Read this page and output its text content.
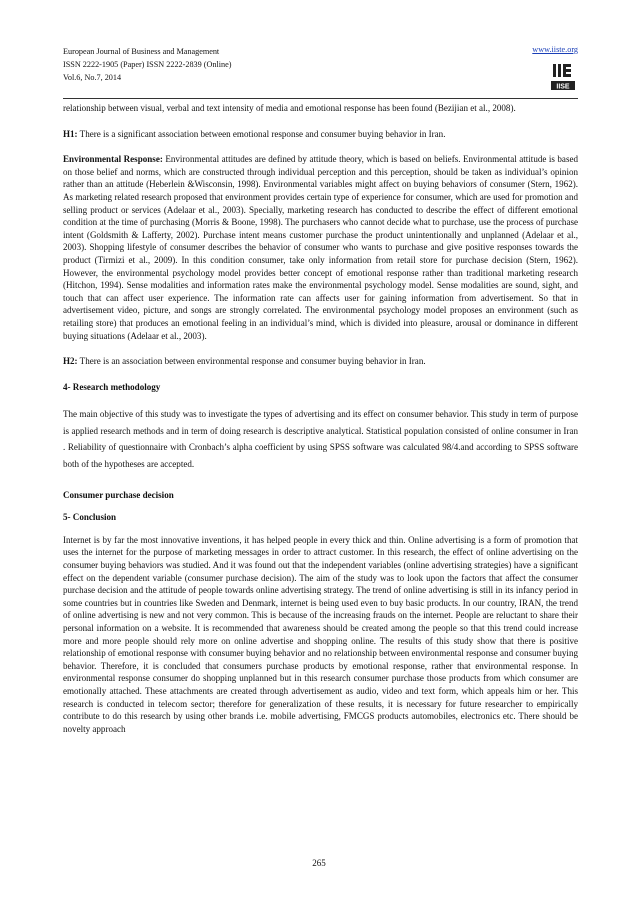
European Journal of Business and Management

ISSN 2222-1905 (Paper) ISSN 2222-2839 (Online)

Vol.6, No.7, 2014

www.iiste.org
IISE

relationship between visual, verbal and text intensity of media and emotional response has been found (Bezijian et al., 2008).

H1: There is a significant association between emotional response and consumer buying behavior in Iran.

Environmental Response: Environmental attitudes are defined by attitude theory, which is based on beliefs. Environmental attitude is based on those belief and norms, which are constructed through individual perception and this perception, should be taken as individual’s opinion rather than an attitude (Heberlein &Wisconsin, 1998). Environmental variables might affect on buying behaviors of consumer (Stern, 1962). As marketing related research proposed that environment provides certain type of experience for consumer, which are used for promotion and selling product or services (Adelaar et al., 2003). Specially, marketing research has conducted to describe the effect of different emotional condition at the time of purchasing (Morris & Boone, 1998). The purchasers who cannot decide what to purchase, use the process of purchase intent (Goldsmith & Lafferty, 2002). Purchase intent means customer purchase the product unintentionally and unplanned (Adelaar et al., 2003). Shopping lifestyle of consumer describes the behavior of consumer who wants to purchase and give positive responses towards the product (Tirmizi et al., 2009). In this condition consumer, take only information from retail store for purchase decision (Stern, 1962). However, the environmental psychology model provides better concept of emotional response rather than traditional marketing research (Hitchon, 1994). Sense modalities and information rates make the environmental psychology model. Sense modalities are sound, sight, and touch that can affect user experience. The information rate can affects user for gaining information from advertisement. So that in advertisement video, picture, and songs are strongly correlated. The environmental psychology model proposes an environment (such as retailing store) that produces an emotional feeling in an individual’s mind, which is divided into pleasure, arousal or dominance in different buying situations (Adelaar et al., 2003).

H2: There is an association between environmental response and consumer buying behavior in Iran.

4- Research methodology

The main objective of this study was to investigate the types of advertising and its effect on consumer behavior. This study in term of purpose is applied research methods and in term of doing research is descriptive analytical. Statistical population consisted of online consumer in Iran . Reliability of questionnaire with Cronbach’s alpha coefficient by using SPSS software was calculated 98/4.and according to SPSS software both of the hypotheses are accepted.

Consumer purchase decision

5- Conclusion

Internet is by far the most innovative inventions, it has helped people in every thick and thin. Online advertising is a form of promotion that uses the internet for the purpose of marketing messages in order to attract customer. In this research, the effect of online advertising on the consumer buying behaviors was studied. And it was found out that the independent variables (online advertising strategies) have a significant effect on the dependent variable (consumer purchase decision). The aim of the study was to look upon the factors that affect the consumer purchase decision and the attitude of people towards online advertising strategy. The trend of online advertising is still in its infancy period in some countries but in countries like Sweden and Denmark, internet is being used even to buy basic products. In our country, IRAN, the trend of online advertising is new and not very common. This is because of the increasing frauds on the internet. People are reluctant to share their personal information on a website. It is recommended that awareness should be created among the people so that this trend could increase more and more people should rely more on online advertise and shopping online. The results of this study show that there is positive relationship of emotional response with consumer buying behavior and no relationship between environmental response and consumer buying behavior. Therefore, it is concluded that consumers purchase products by emotional response, rather that environmental response. In environmental response consumer do shopping unplanned but in this research consumer purchase those products from which consumer are emotionally attached. These attachments are created through advertisement as audio, video and text form, which appeals him or her. This research is conducted in telecom sector; therefore for generalization of these results, it is necessary for future researcher to empirically contribute to do this research by using other brands i.e. mobile advertising, FMCGS products automobiles, electronics etc. There should be novelty approach

265
